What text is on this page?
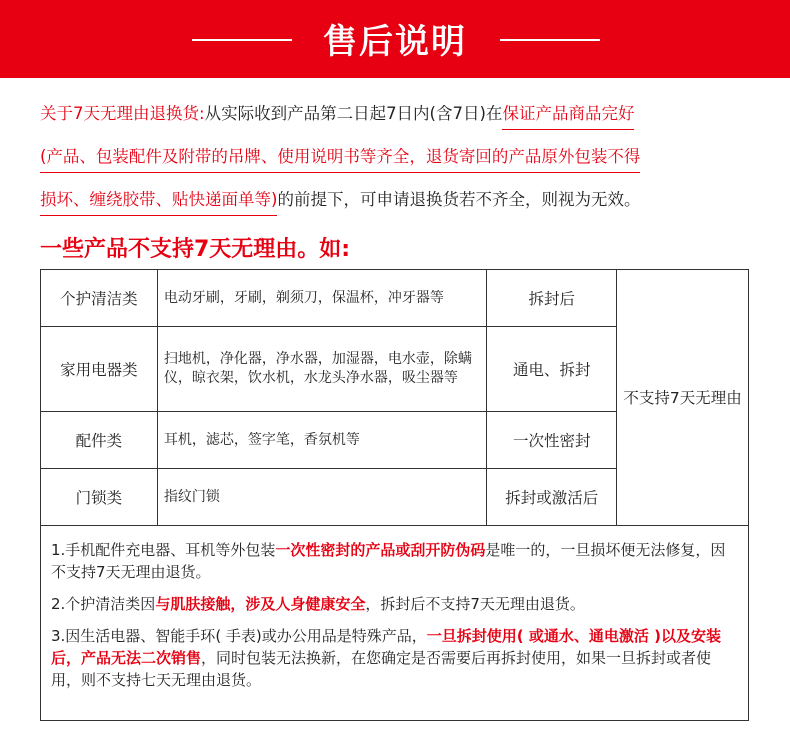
售后说明
关于7天无理由退换货:从实际收到产品第二日起7日内(含7日)在保证产品商品完好
(产品、包装配件及附带的吊牌、使用说明书等齐全，退货寄回的产品原外包装不得
损坏、缠绕胶带、贴快递面单等)的前提下，可申请退换货若不齐全，则视为无效。
一些产品不支持7天无理由。如:
个护清洁类	电动牙刷，牙刷，剃须刀，保温杯，冲牙器等	拆封后	不支持7天无理由
家用电器类	扫地机，净化器，净水器，加湿器，电水壶，除螨仪，晾衣架，饮水机，水龙头净水器，吸尘器等	通电、拆封	
配件类	耳机，滤芯，签字笔，香氛机等	一次性密封	
门锁类	指纹门锁	拆封或激活后	

1.手机配件充电器、耳机等外包装一次性密封的产品或刮开防伪码是唯一的，一旦损坏便无法修复，因不支持7天无理由退货。

2.个护清洁类因与肌肤接触，涉及人身健康安全，拆封后不支持7天无理由退货。

3.因生活电器、智能手环( 手表)或办公用品是特殊产品，一旦拆封使用( 或通水、通电激活 )以及安装后，产品无法二次销售，同时包装无法换新，在您确定是否需要后再拆封使用，如果一旦拆封或者使用，则不支持七天无理由退货。
